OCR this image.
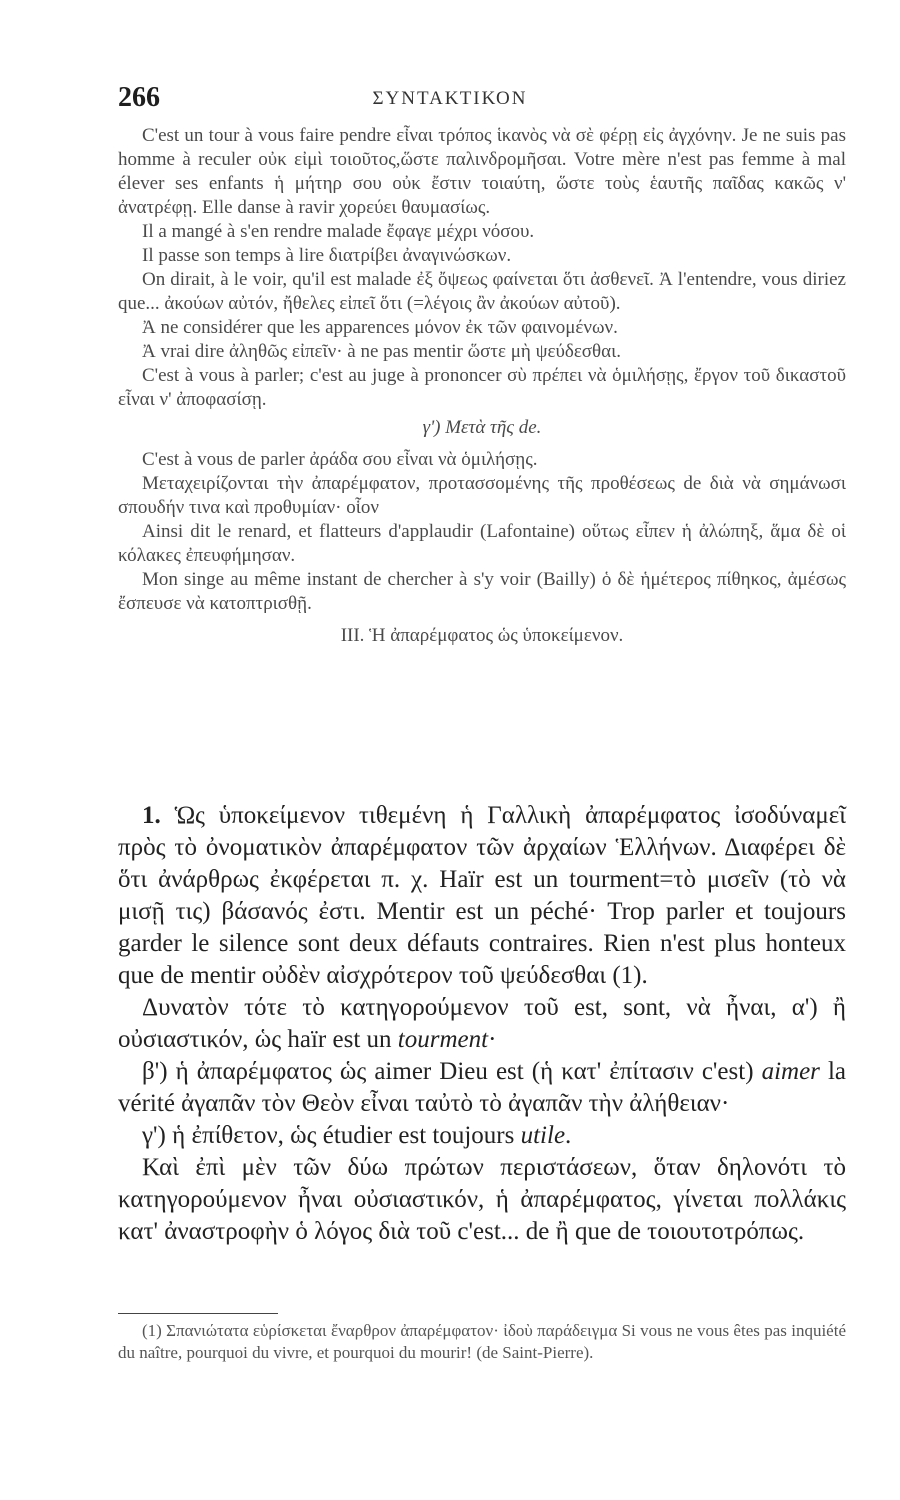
266	ΣΥΝΤΑΚΤΙΚΟΝ

C'est un tour à vous faire pendre εἶναι τρόπος ἱκανὸς νὰ σὲ φέρῃ εἰς ἀγχόνην. Je ne suis pas homme à reculer οὐκ εἰμὶ τοιοῦτος,ὥστε παλινδρομῆσαι. Votre mère n'est pas femme à mal élever ses enfants ἡ μήτηρ σου οὐκ ἔστιν τοιαύτη, ὥστε τοὺς ἑαυτῆς παῖδας κακῶς ν' ἀνατρέφῃ. Elle danse à ravir χορεύει θαυμασίως.

Il a mangé à s'en rendre malade ἔφαγε μέχρι νόσου.

Il passe son temps à lire διατρίβει ἀναγινώσκων.

On dirait, à le voir, qu'il est malade ἐξ ὄψεως φαίνεται ὅτι ἀσθενεῖ. Ἀ l'entendre, vous diriez que... ἀκούων αὐτόν, ἤθελες εἰπεῖ ὅτι (=λέγοις ἂν ἀκούων αὐτοῦ).

Ἀ ne considérer que les apparences μόνον ἐκ τῶν φαινομένων.

Ἀ vrai dire ἀληθῶς εἰπεῖν· à ne pas mentir ὥστε μὴ ψεύδεσθαι.

C'est à vous à parler; c'est au juge à prononcer σὺ πρέπει νὰ ὁμιλήσῃς, ἔργον τοῦ δικαστοῦ εἶναι ν' ἀποφασίσῃ.

γ') Μετὰ τῆς de.

C'est à vous de parler ἀράδα σου εἶναι νὰ ὁμιλήσῃς.

Μεταχειρίζονται τὴν ἀπαρέμφατον, προτασσομένης τῆς προθέσεως de διὰ νὰ σημάνωσι σπουδήν τινα καὶ προθυμίαν· οἷον

Ainsi dit le renard, et flatteurs d'applaudir (Lafontaine) οὕτως εἶπεν ἡ ἀλώπηξ, ἅμα δὲ οἱ κόλακες ἐπευφήμησαν.

Mon singe au même instant de chercher à s'y voir (Bailly) ὁ δὲ ἡμέτερος πίθηκος, ἀμέσως ἔσπευσε νὰ κατοπτρισθῇ.

ΙΙΙ. Ἡ ἀπαρέμφατος ὡς ὑποκείμενον.

1. Ὡς ὑποκείμενον τιθεμένη ἡ Γαλλικὴ ἀπαρέμφατος ἰσοδύναμεῖ πρὸς τὸ ὀνοματικὸν ἀπαρέμφατον τῶν ἀρχαίων Ἑλλήνων. Διαφέρει δὲ ὅτι ἀνάρθρως ἐκφέρεται π. χ. Haïr est un tourment=τὸ μισεῖν (τὸ νὰ μισῇ τις) βάσανός ἐστι. Mentir est un péché· Trop parler et toujours garder le silence sont deux défauts contraires. Rien n'est plus honteux que de mentir οὐδὲν αἰσχρότερον τοῦ ψεύδεσθαι (1).

Δυνατὸν τότε τὸ κατηγορούμενον τοῦ est, sont, νὰ ἦναι, α') ἢ οὐσιαστικόν, ὡς haïr est un tourment·

β') ἡ ἀπαρέμφατος ὡς aimer Dieu est (ἡ κατ' ἐπίτασιν c'est) aimer la vérité ἀγαπᾶν τὸν Θεὸν εἶναι ταὐτὸ τὸ ἀγαπᾶν τὴν ἀλήθειαν·

γ') ἡ ἐπίθετον, ὡς étudier est toujours utile.

Καὶ ἐπὶ μὲν τῶν δύω πρώτων περιστάσεων, ὅταν δηλονότι τὸ κατηγορούμενον ἦναι οὐσιαστικόν, ἡ ἀπαρέμφατος, γίνεται πολλάκις κατ' ἀναστροφὴν ὁ λόγος διὰ τοῦ c'est... de ἢ que de τοιουτοτρόπως.

(1) Σπανιώτατα εὑρίσκεται ἔναρθρον ἀπαρέμφατον· ἰδοὺ παράδειγμα Si vous ne vous êtes pas inquiété du naître, pourquoi du vivre, et pourquoi du mourir! (de Saint-Pierre).
